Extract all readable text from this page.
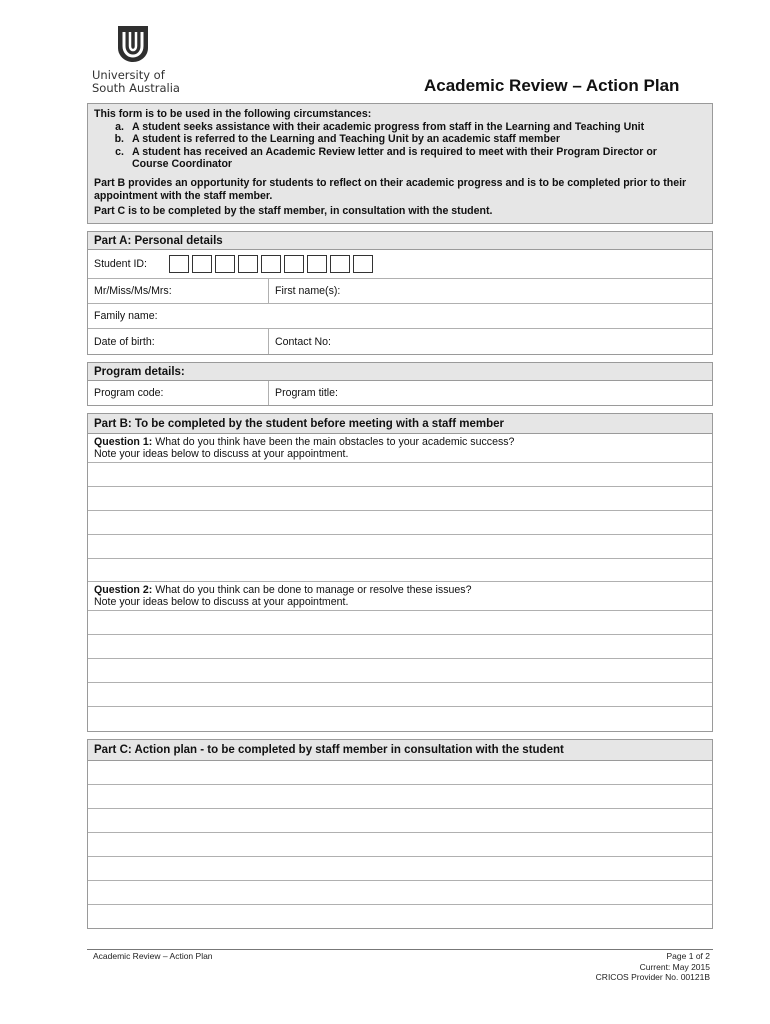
University of
South Australia	Academic Review – Action Plan

This form is to be used in the following circumstances:

a. A student seeks assistance with their academic progress from staff in the Learning and Teaching Unit
b. A student is referred to the Learning and Teaching Unit by an academic staff member
c. A student has received an Academic Review letter and is required to meet with their Program Director or Course Coordinator

Part B provides an opportunity for students to reflect on their academic progress and is to be completed prior to their appointment with the staff member.

Part C is to be completed by the staff member, in consultation with the student.

Part A: Personal details
Student ID:
Mr/Miss/Ms/Mrs:	First name(s):
Family name:
Date of birth:	Contact No:
Program details:
Program code:	Program title:
Part B: To be completed by the student before meeting with a staff member
Question 1: What do you think have been the main obstacles to your academic success?
Note your ideas below to discuss at your appointment.
Question 2: What do you think can be done to manage or resolve these issues?
Note your ideas below to discuss at your appointment.
Part C: Action plan - to be completed by staff member in consultation with the student
Academic Review – Action Plan	Page 1 of 2
Current: May 2015
CRICOS Provider No. 00121B
